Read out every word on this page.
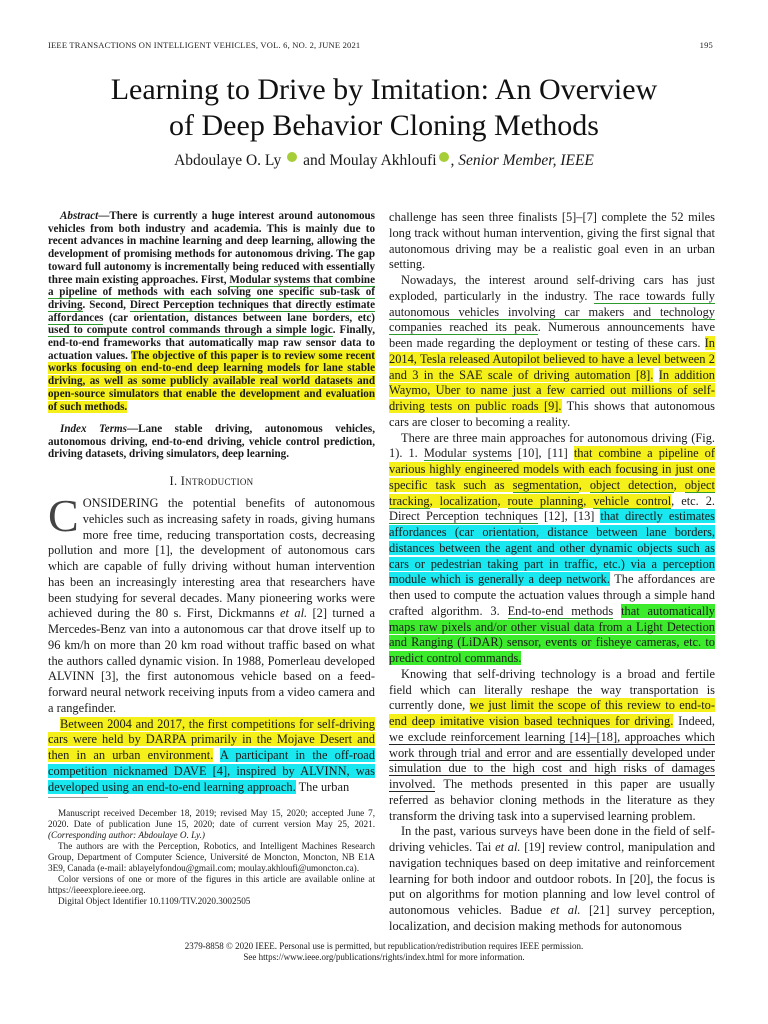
IEEE TRANSACTIONS ON INTELLIGENT VEHICLES, VOL. 6, NO. 2, JUNE 2021	195
Learning to Drive by Imitation: An Overview
of Deep Behavior Cloning Methods
Abdoulaye O. Ly and Moulay Akhloufi , Senior Member, IEEE
Abstract—There is currently a huge interest around autonomous vehicles from both industry and academia. This is mainly due to recent advances in machine learning and deep learning, allowing the development of promising methods for autonomous driving. The gap toward full autonomy is incrementally being reduced with essentially three main existing approaches. First, Modular systems that combine a pipeline of methods with each solving one specific sub-task of driving. Second, Direct Perception techniques that directly estimate affordances (car orientation, distances between lane borders, etc) used to compute control commands through a simple logic. Finally, end-to-end frameworks that automatically map raw sensor data to actuation values. The objective of this paper is to review some recent works focusing on end-to-end deep learning models for lane stable driving, as well as some publicly available real world datasets and open-source simulators that enable the development and evaluation of such methods.
Index Terms—Lane stable driving, autonomous vehicles, autonomous driving, end-to-end driving, vehicle control prediction, driving datasets, driving simulators, deep learning.
I. Introduction

CONSIDERING the potential benefits of autonomous vehicles such as increasing safety in roads, giving humans more free time, reducing transportation costs, decreasing pollution and more [1], the development of autonomous cars which are capable of fully driving without human intervention has been an increasingly interesting area that researchers have been studying for several decades. Many pioneering works were achieved during the 80 s. First, Dickmanns et al. [2] turned a Mercedes-Benz van into a autonomous car that drove itself up to 96 km/h on more than 20 km road without traffic based on what the authors called dynamic vision. In 1988, Pomerleau developed ALVINN [3], the first autonomous vehicle based on a feed-forward neural network receiving inputs from a video camera and a rangefinder.

Between 2004 and 2017, the first competitions for self-driving cars were held by DARPA primarily in the Mojave Desert and then in an urban environment. A participant in the off-road competition nicknamed DAVE [4], inspired by ALVINN, was developed using an end-to-end learning approach. The urban

Manuscript received December 18, 2019; revised May 15, 2020; accepted June 7, 2020. Date of publication June 15, 2020; date of current version May 25, 2021. (Corresponding author: Abdoulaye O. Ly.)

The authors are with the Perception, Robotics, and Intelligent Machines Research Group, Department of Computer Science, Université de Moncton, Moncton, NB E1A 3E9, Canada (e-mail: ablayelyfondou@gmail.com; moulay.akhloufi@umoncton.ca).

Color versions of one or more of the figures in this article are available online at https://ieeexplore.ieee.org.

Digital Object Identifier 10.1109/TIV.2020.3002505

challenge has seen three finalists [5]–[7] complete the 52 miles long track without human intervention, giving the first signal that autonomous driving may be a realistic goal even in an urban setting.

Nowadays, the interest around self-driving cars has just exploded, particularly in the industry. The race towards fully autonomous vehicles involving car makers and technology companies reached its peak. Numerous announcements have been made regarding the deployment or testing of these cars. In 2014, Tesla released Autopilot believed to have a level between 2 and 3 in the SAE scale of driving automation [8]. In addition Waymo, Uber to name just a few carried out millions of self-driving tests on public roads [9]. This shows that autonomous cars are closer to becoming a reality.

There are three main approaches for autonomous driving (Fig. 1). 1. Modular systems [10], [11] that combine a pipeline of various highly engineered models with each focusing in just one specific task such as segmentation, object detection, object tracking, localization, route planning, vehicle control, etc. 2. Direct Perception techniques [12], [13] that directly estimates affordances (car orientation, distance between lane borders, distances between the agent and other dynamic objects such as cars or pedestrian taking part in traffic, etc.) via a perception module which is generally a deep network. The affordances are then used to compute the actuation values through a simple hand crafted algorithm. 3. End-to-end methods that automatically maps raw pixels and/or other visual data from a Light Detection and Ranging (LiDAR) sensor, events or fisheye cameras, etc. to predict control commands.

Knowing that self-driving technology is a broad and fertile field which can literally reshape the way transportation is currently done, we just limit the scope of this review to end-to-end deep imitative vision based techniques for driving. Indeed, we exclude reinforcement learning [14]–[18], approaches which work through trial and error and are essentially developed under simulation due to the high cost and high risks of damages involved. The methods presented in this paper are usually referred as behavior cloning methods in the literature as they transform the driving task into a supervised learning problem.

In the past, various surveys have been done in the field of self-driving vehicles. Tai et al. [19] review control, manipulation and navigation techniques based on deep imitative and reinforcement learning for both indoor and outdoor robots. In [20], the focus is put on algorithms for motion planning and low level control of autonomous vehicles. Badue et al. [21] survey perception, localization, and decision making methods for autonomous

2379-8858 © 2020 IEEE. Personal use is permitted, but republication/redistribution requires IEEE permission.
See https://www.ieee.org/publications/rights/index.html for more information.
